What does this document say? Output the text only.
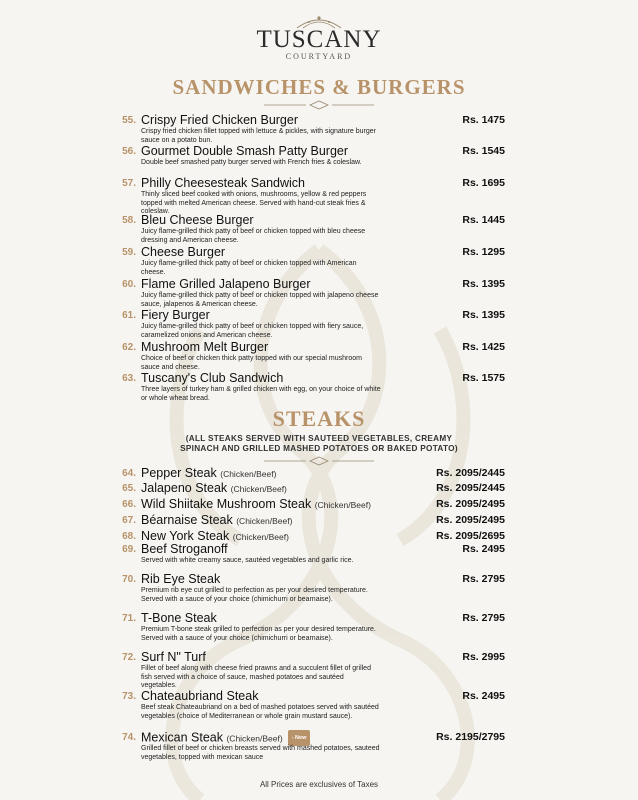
TUSCANY
COURTYARD
SANDWICHES & BURGERS
55. Crispy Fried Chicken Burger	Rs. 1475
Crispy fried chicken fillet topped with lettuce & pickles, with signature burger sauce on a potato bun.
56. Gourmet Double Smash Patty Burger	Rs. 1545
Double beef smashed patty burger served with French fries & coleslaw.
57. Philly Cheesesteak Sandwich	Rs. 1695
Thinly sliced beef cooked with onions, mushrooms, yellow & red peppers topped with melted American cheese. Served with hand-cut steak fries & coleslaw.
58. Bleu Cheese Burger	Rs. 1445
Juicy flame-grilled thick patty of beef or chicken topped with bleu cheese dressing and American cheese.
59. Cheese Burger	Rs. 1295
Juicy flame-grilled thick patty of beef or chicken topped with American cheese.
60. Flame Grilled Jalapeno Burger	Rs. 1395
Juicy flame-grilled thick patty of beef or chicken topped with jalapeno cheese sauce, jalapenos & American cheese.
61. Fiery Burger	Rs. 1395
Juicy flame-grilled thick patty of beef or chicken topped with fiery sauce, caramelized onions and American cheese.
62. Mushroom Melt Burger	Rs. 1425
Choice of beef or chicken thick patty topped with our special mushroom sauce and cheese.
63. Tuscany's Club Sandwich	Rs. 1575
Three layers of turkey ham & grilled chicken with egg, on your choice of white or whole wheat bread.
STEAKS
(ALL STEAKS SERVED WITH SAUTEED VEGETABLES, CREAMY
SPINACH AND GRILLED MASHED POTATOES OR BAKED POTATO)
64. Pepper Steak (Chicken/Beef)	Rs. 2095/2445
65. Jalapeno Steak (Chicken/Beef)	Rs. 2095/2445
66. Wild Shiitake Mushroom Steak (Chicken/Beef)	Rs. 2095/2495
67. Béarnaise Steak (Chicken/Beef)	Rs. 2095/2495
68. New York Steak (Chicken/Beef)	Rs. 2095/2695
69. Beef Stroganoff	Rs. 2495
Served with white creamy sauce, sautéed vegetables and garlic rice.
70. Rib Eye Steak	Rs. 2795
Premium rib eye cut grilled to perfection as per your desired temperature. Served with a sauce of your choice (chimichurri or bearnaise).
71. T-Bone Steak	Rs. 2795
Premium T-bone steak grilled to perfection as per your desired temperature. Served with a sauce of your choice (chimichurri or bearnaise).
72. Surf N" Turf	Rs. 2995
Fillet of beef along with cheese fried prawns and a succulent fillet of grilled fish served with a choice of sauce, mashed potatoes and sautéed vegetables.
73. Chateaubriand Steak	Rs. 2495
Beef steak Chateaubriand on a bed of mashed potatoes served with sautéed vegetables (choice of Mediterranean or whole grain mustard sauce).
74. Mexican Steak (Chicken/Beef) - New	Rs. 2195/2795
Grilled fillet of beef or chicken breasts served with mashed potatoes, sauteed vegetables, topped with mexican sauce
All Prices are exclusives of Taxes
